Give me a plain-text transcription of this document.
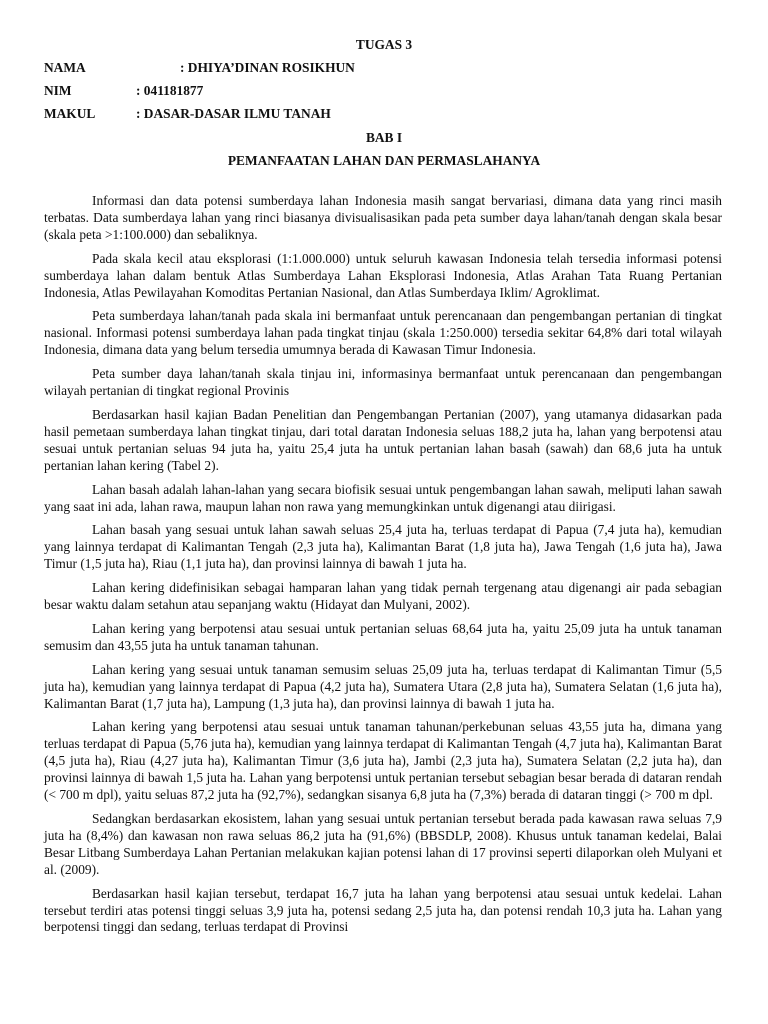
TUGAS 3
NAMA	: DHIYA’DINAN ROSIKHUN
NIM	: 041181877
MAKUL	: DASAR-DASAR ILMU TANAH
BAB I
PEMANFAATAN LAHAN DAN PERMASLAHANYA

Informasi dan data potensi sumberdaya lahan Indonesia masih sangat bervariasi, dimana data yang rinci masih terbatas. Data sumberdaya lahan yang rinci biasanya divisualisasikan pada peta sumber daya lahan/tanah dengan skala besar (skala peta >1:100.000) dan sebaliknya.

Pada skala kecil atau eksplorasi (1:1.000.000) untuk seluruh kawasan Indonesia telah tersedia informasi potensi sumberdaya lahan dalam bentuk Atlas Sumberdaya Lahan Eksplorasi Indonesia, Atlas Arahan Tata Ruang Pertanian Indonesia, Atlas Pewilayahan Komoditas Pertanian Nasional, dan Atlas Sumberdaya Iklim/ Agroklimat.

Peta sumberdaya lahan/tanah pada skala ini bermanfaat untuk perencanaan dan pengembangan pertanian di tingkat nasional. Informasi potensi sumberdaya lahan pada tingkat tinjau (skala 1:250.000) tersedia sekitar 64,8% dari total wilayah Indonesia, dimana data yang belum tersedia umumnya berada di Kawasan Timur Indonesia.

Peta sumber daya lahan/tanah skala tinjau ini, informasinya bermanfaat untuk perencanaan dan pengembangan wilayah pertanian di tingkat regional Provinis

Berdasarkan hasil kajian Badan Penelitian dan Pengembangan Pertanian (2007), yang utamanya didasarkan pada hasil pemetaan sumberdaya lahan tingkat tinjau, dari total daratan Indonesia seluas 188,2 juta ha, lahan yang berpotensi atau sesuai untuk pertanian seluas 94 juta ha, yaitu 25,4 juta ha untuk pertanian lahan basah (sawah) dan 68,6 juta ha untuk pertanian lahan kering (Tabel 2).

Lahan basah adalah lahan-lahan yang secara biofisik sesuai untuk pengembangan lahan sawah, meliputi lahan sawah yang saat ini ada, lahan rawa, maupun lahan non rawa yang memungkinkan untuk digenangi atau diirigasi.

Lahan basah yang sesuai untuk lahan sawah seluas 25,4 juta ha, terluas terdapat di Papua (7,4 juta ha), kemudian yang lainnya terdapat di Kalimantan Tengah (2,3 juta ha), Kalimantan Barat (1,8 juta ha), Jawa Tengah (1,6 juta ha), Jawa Timur (1,5 juta ha), Riau (1,1 juta ha), dan provinsi lainnya di bawah 1 juta ha.

Lahan kering didefinisikan sebagai hamparan lahan yang tidak pernah tergenang atau digenangi air pada sebagian besar waktu dalam setahun atau sepanjang waktu (Hidayat dan Mulyani, 2002).

Lahan kering yang berpotensi atau sesuai untuk pertanian seluas 68,64 juta ha, yaitu 25,09 juta ha untuk tanaman semusim dan 43,55 juta ha untuk tanaman tahunan.

Lahan kering yang sesuai untuk tanaman semusim seluas 25,09 juta ha, terluas terdapat di Kalimantan Timur (5,5 juta ha), kemudian yang lainnya terdapat di Papua (4,2 juta ha), Sumatera Utara (2,8 juta ha), Sumatera Selatan (1,6 juta ha), Kalimantan Barat (1,7 juta ha), Lampung (1,3 juta ha), dan provinsi lainnya di bawah 1 juta ha.

Lahan kering yang berpotensi atau sesuai untuk tanaman tahunan/perkebunan seluas 43,55 juta ha, dimana yang terluas terdapat di Papua (5,76 juta ha), kemudian yang lainnya terdapat di Kalimantan Tengah (4,7 juta ha), Kalimantan Barat (4,5 juta ha), Riau (4,27 juta ha), Kalimantan Timur (3,6 juta ha), Jambi (2,3 juta ha), Sumatera Selatan (2,2 juta ha), dan provinsi lainnya di bawah 1,5 juta ha. Lahan yang berpotensi untuk pertanian tersebut sebagian besar berada di dataran rendah (< 700 m dpl), yaitu seluas 87,2 juta ha (92,7%), sedangkan sisanya 6,8 juta ha (7,3%) berada di dataran tinggi (> 700 m dpl.

Sedangkan berdasarkan ekosistem, lahan yang sesuai untuk pertanian tersebut berada pada kawasan rawa seluas 7,9 juta ha (8,4%) dan kawasan non rawa seluas 86,2 juta ha (91,6%) (BBSDLP, 2008). Khusus untuk tanaman kedelai, Balai Besar Litbang Sumberdaya Lahan Pertanian melakukan kajian potensi lahan di 17 provinsi seperti dilaporkan oleh Mulyani et al. (2009).

Berdasarkan hasil kajian tersebut, terdapat 16,7 juta ha lahan yang berpotensi atau sesuai untuk kedelai. Lahan tersebut terdiri atas potensi tinggi seluas 3,9 juta ha, potensi sedang 2,5 juta ha, dan potensi rendah 10,3 juta ha. Lahan yang berpotensi tinggi dan sedang, terluas terdapat di Provinsi
